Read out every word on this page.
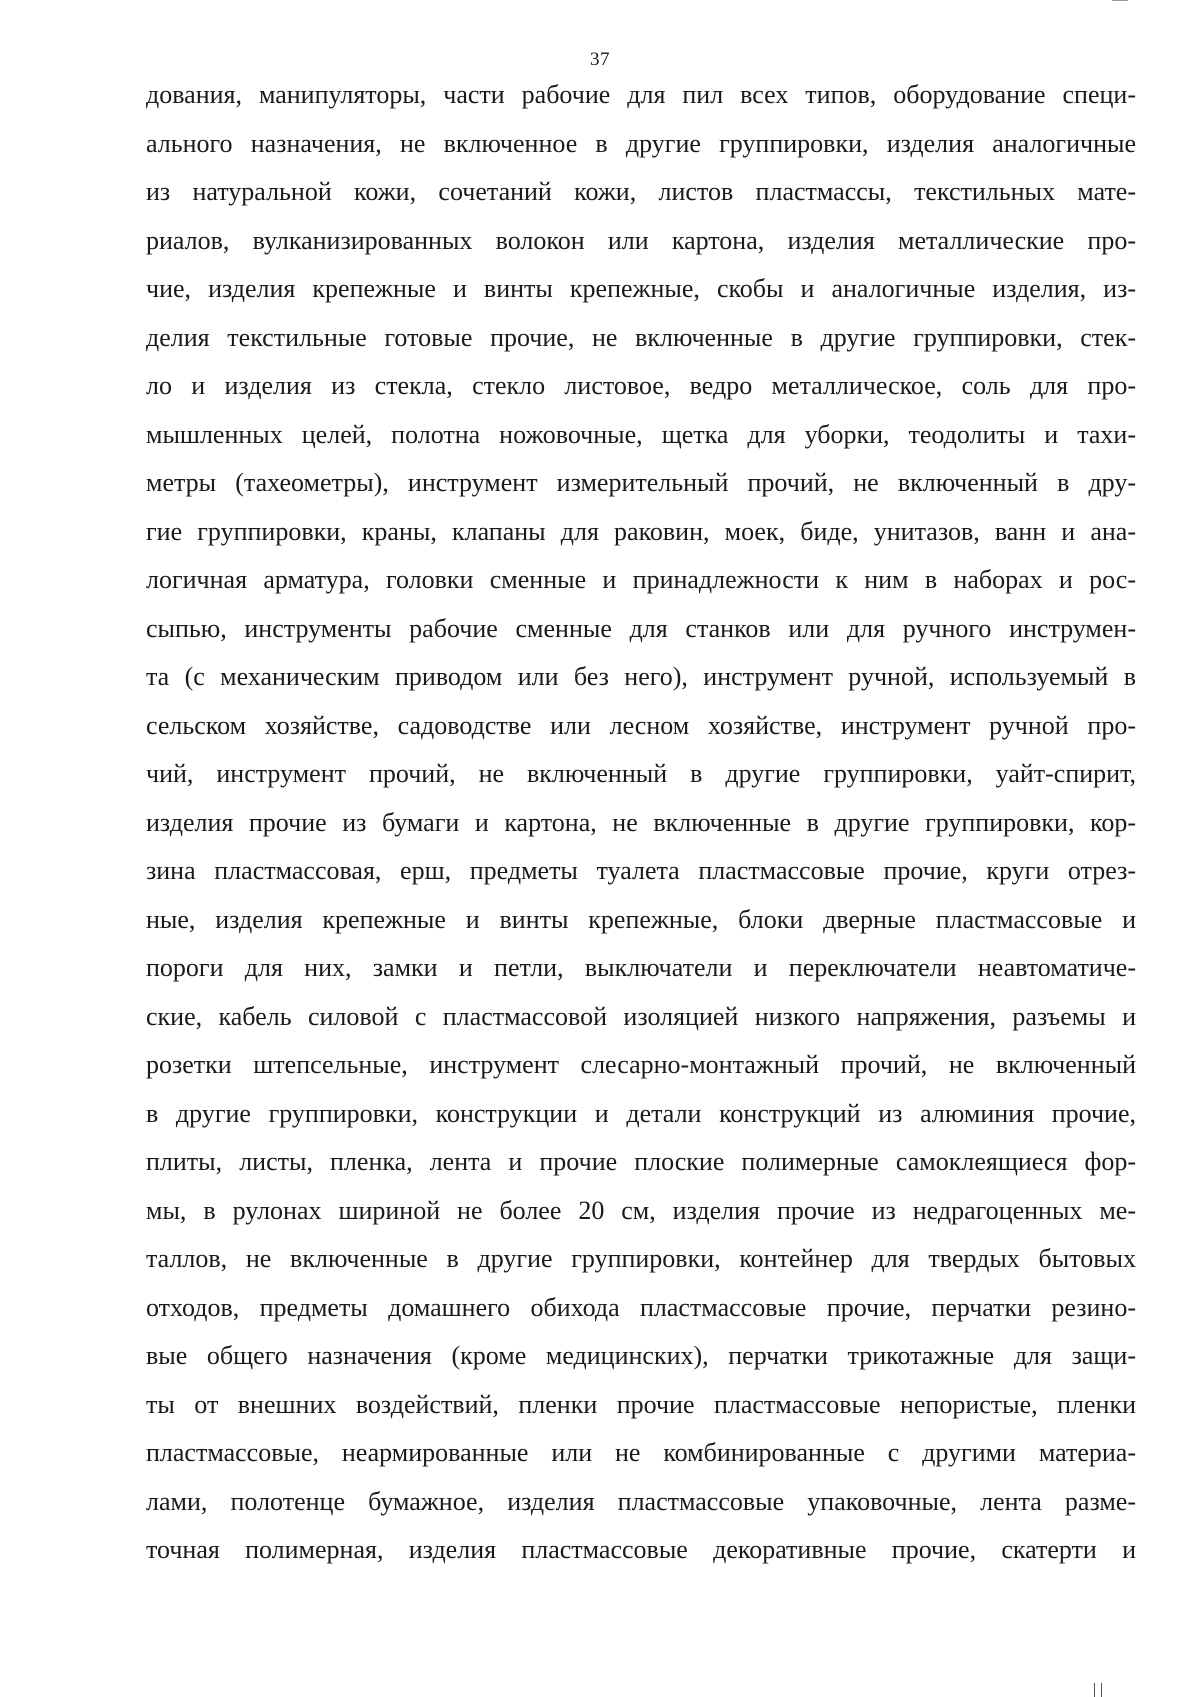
37
дования, манипуляторы, части рабочие для пил всех типов, оборудование специ-
ального назначения, не включенное в другие группировки, изделия аналогичные
из натуральной кожи, сочетаний кожи, листов пластмассы, текстильных мате-
риалов, вулканизированных волокон или картона, изделия металлические про-
чие, изделия крепежные и винты крепежные, скобы и аналогичные изделия, из-
делия текстильные готовые прочие, не включенные в другие группировки, стек-
ло и изделия из стекла, стекло листовое, ведро металлическое, соль для про-
мышленных целей, полотна ножовочные, щетка для уборки, теодолиты и тахи-
метры (тахеометры), инструмент измерительный прочий, не включенный в дру-
гие группировки, краны, клапаны для раковин, моек, биде, унитазов, ванн и ана-
логичная арматура, головки сменные и принадлежности к ним в наборах и рос-
сыпью, инструменты рабочие сменные для станков или для ручного инструмен-
та (с механическим приводом или без него), инструмент ручной, используемый в
сельском хозяйстве, садоводстве или лесном хозяйстве, инструмент ручной про-
чий, инструмент прочий, не включенный в другие группировки, уайт-спирит,
изделия прочие из бумаги и картона, не включенные в другие группировки, кор-
зина пластмассовая, ерш, предметы туалета пластмассовые прочие, круги отрез-
ные, изделия крепежные и винты крепежные, блоки дверные пластмассовые и
пороги для них, замки и петли, выключатели и переключатели неавтоматиче-
ские, кабель силовой с пластмассовой изоляцией низкого напряжения, разъемы и
розетки штепсельные, инструмент слесарно-монтажный прочий, не включенный
в другие группировки, конструкции и детали конструкций из алюминия прочие,
плиты, листы, пленка, лента и прочие плоские полимерные самоклеящиеся фор-
мы, в рулонах шириной не более 20 см, изделия прочие из недрагоценных ме-
таллов, не включенные в другие группировки, контейнер для твердых бытовых
отходов, предметы домашнего обихода пластмассовые прочие, перчатки резино-
вые общего назначения (кроме медицинских), перчатки трикотажные для защи-
ты от внешних воздействий, пленки прочие пластмассовые непористые, пленки
пластмассовые, неармированные или не комбинированные с другими материа-
лами, полотенце бумажное, изделия пластмассовые упаковочные, лента разме-
точная полимерная, изделия пластмассовые декоративные прочие, скатерти и
